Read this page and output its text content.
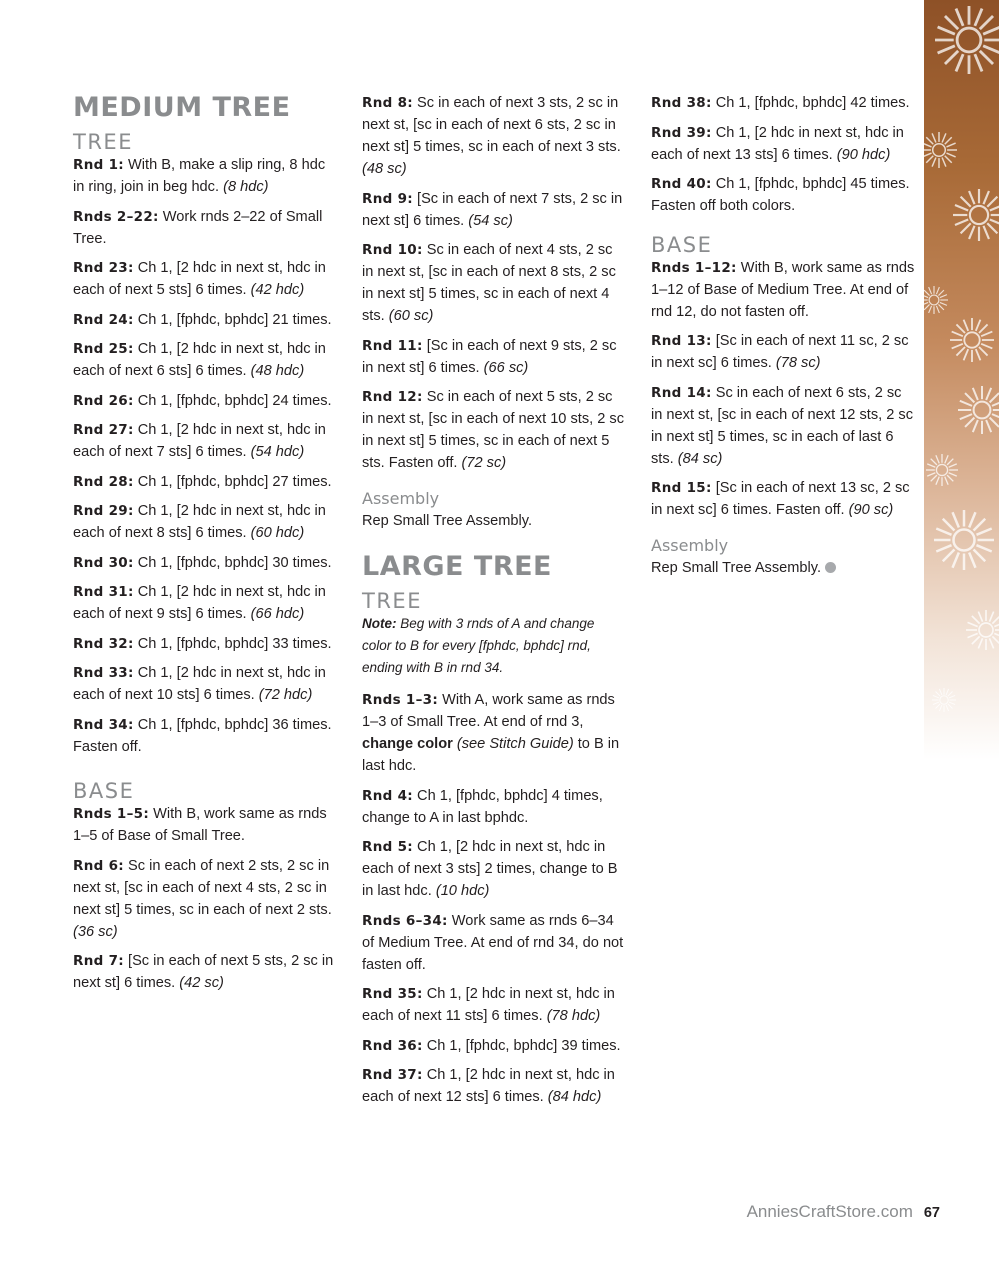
MEDIUM TREE
TREE
Rnd 1: With B, make a slip ring, 8 hdc in ring, join in beg hdc. (8 hdc)
Rnds 2–22: Work rnds 2–22 of Small Tree.
Rnd 23: Ch 1, [2 hdc in next st, hdc in each of next 5 sts] 6 times. (42 hdc)
Rnd 24: Ch 1, [fphdc, bphdc] 21 times.
Rnd 25: Ch 1, [2 hdc in next st, hdc in each of next 6 sts] 6 times. (48 hdc)
Rnd 26: Ch 1, [fphdc, bphdc] 24 times.
Rnd 27: Ch 1, [2 hdc in next st, hdc in each of next 7 sts] 6 times. (54 hdc)
Rnd 28: Ch 1, [fphdc, bphdc] 27 times.
Rnd 29: Ch 1, [2 hdc in next st, hdc in each of next 8 sts] 6 times. (60 hdc)
Rnd 30: Ch 1, [fphdc, bphdc] 30 times.
Rnd 31: Ch 1, [2 hdc in next st, hdc in each of next 9 sts] 6 times. (66 hdc)
Rnd 32: Ch 1, [fphdc, bphdc] 33 times.
Rnd 33: Ch 1, [2 hdc in next st, hdc in each of next 10 sts] 6 times. (72 hdc)
Rnd 34: Ch 1, [fphdc, bphdc] 36 times. Fasten off.
BASE
Rnds 1–5: With B, work same as rnds 1–5 of Base of Small Tree.
Rnd 6: Sc in each of next 2 sts, 2 sc in next st, [sc in each of next 4 sts, 2 sc in next st] 5 times, sc in each of next 2 sts. (36 sc)
Rnd 7: [Sc in each of next 5 sts, 2 sc in next st] 6 times. (42 sc)
Rnd 8: Sc in each of next 3 sts, 2 sc in next st, [sc in each of next 6 sts, 2 sc in next st] 5 times, sc in each of next 3 sts. (48 sc)
Rnd 9: [Sc in each of next 7 sts, 2 sc in next st] 6 times. (54 sc)
Rnd 10: Sc in each of next 4 sts, 2 sc in next st, [sc in each of next 8 sts, 2 sc in next st] 5 times, sc in each of next 4 sts. (60 sc)
Rnd 11: [Sc in each of next 9 sts, 2 sc in next st] 6 times. (66 sc)
Rnd 12: Sc in each of next 5 sts, 2 sc in next st, [sc in each of next 10 sts, 2 sc in next st] 5 times, sc in each of next 5 sts. Fasten off. (72 sc)
Assembly
Rep Small Tree Assembly.
LARGE TREE
TREE
Note: Beg with 3 rnds of A and change color to B for every [fphdc, bphdc] rnd, ending with B in rnd 34.
Rnds 1–3: With A, work same as rnds 1–3 of Small Tree. At end of rnd 3, change color (see Stitch Guide) to B in last hdc.
Rnd 4: Ch 1, [fphdc, bphdc] 4 times, change to A in last bphdc.
Rnd 5: Ch 1, [2 hdc in next st, hdc in each of next 3 sts] 2 times, change to B in last hdc. (10 hdc)
Rnds 6–34: Work same as rnds 6–34 of Medium Tree. At end of rnd 34, do not fasten off.
Rnd 35: Ch 1, [2 hdc in next st, hdc in each of next 11 sts] 6 times. (78 hdc)
Rnd 36: Ch 1, [fphdc, bphdc] 39 times.
Rnd 37: Ch 1, [2 hdc in next st, hdc in each of next 12 sts] 6 times. (84 hdc)
Rnd 38: Ch 1, [fphdc, bphdc] 42 times.
Rnd 39: Ch 1, [2 hdc in next st, hdc in each of next 13 sts] 6 times. (90 hdc)
Rnd 40: Ch 1, [fphdc, bphdc] 45 times. Fasten off both colors.
BASE
Rnds 1–12: With B, work same as rnds 1–12 of Base of Medium Tree. At end of rnd 12, do not fasten off.
Rnd 13: [Sc in each of next 11 sc, 2 sc in next sc] 6 times. (78 sc)
Rnd 14: Sc in each of next 6 sts, 2 sc in next st, [sc in each of next 12 sts, 2 sc in next st] 5 times, sc in each of last 6 sts. (84 sc)
Rnd 15: [Sc in each of next 13 sc, 2 sc in next sc] 6 times. Fasten off. (90 sc)
Assembly
Rep Small Tree Assembly.
AnniesCraftStore.com 67
